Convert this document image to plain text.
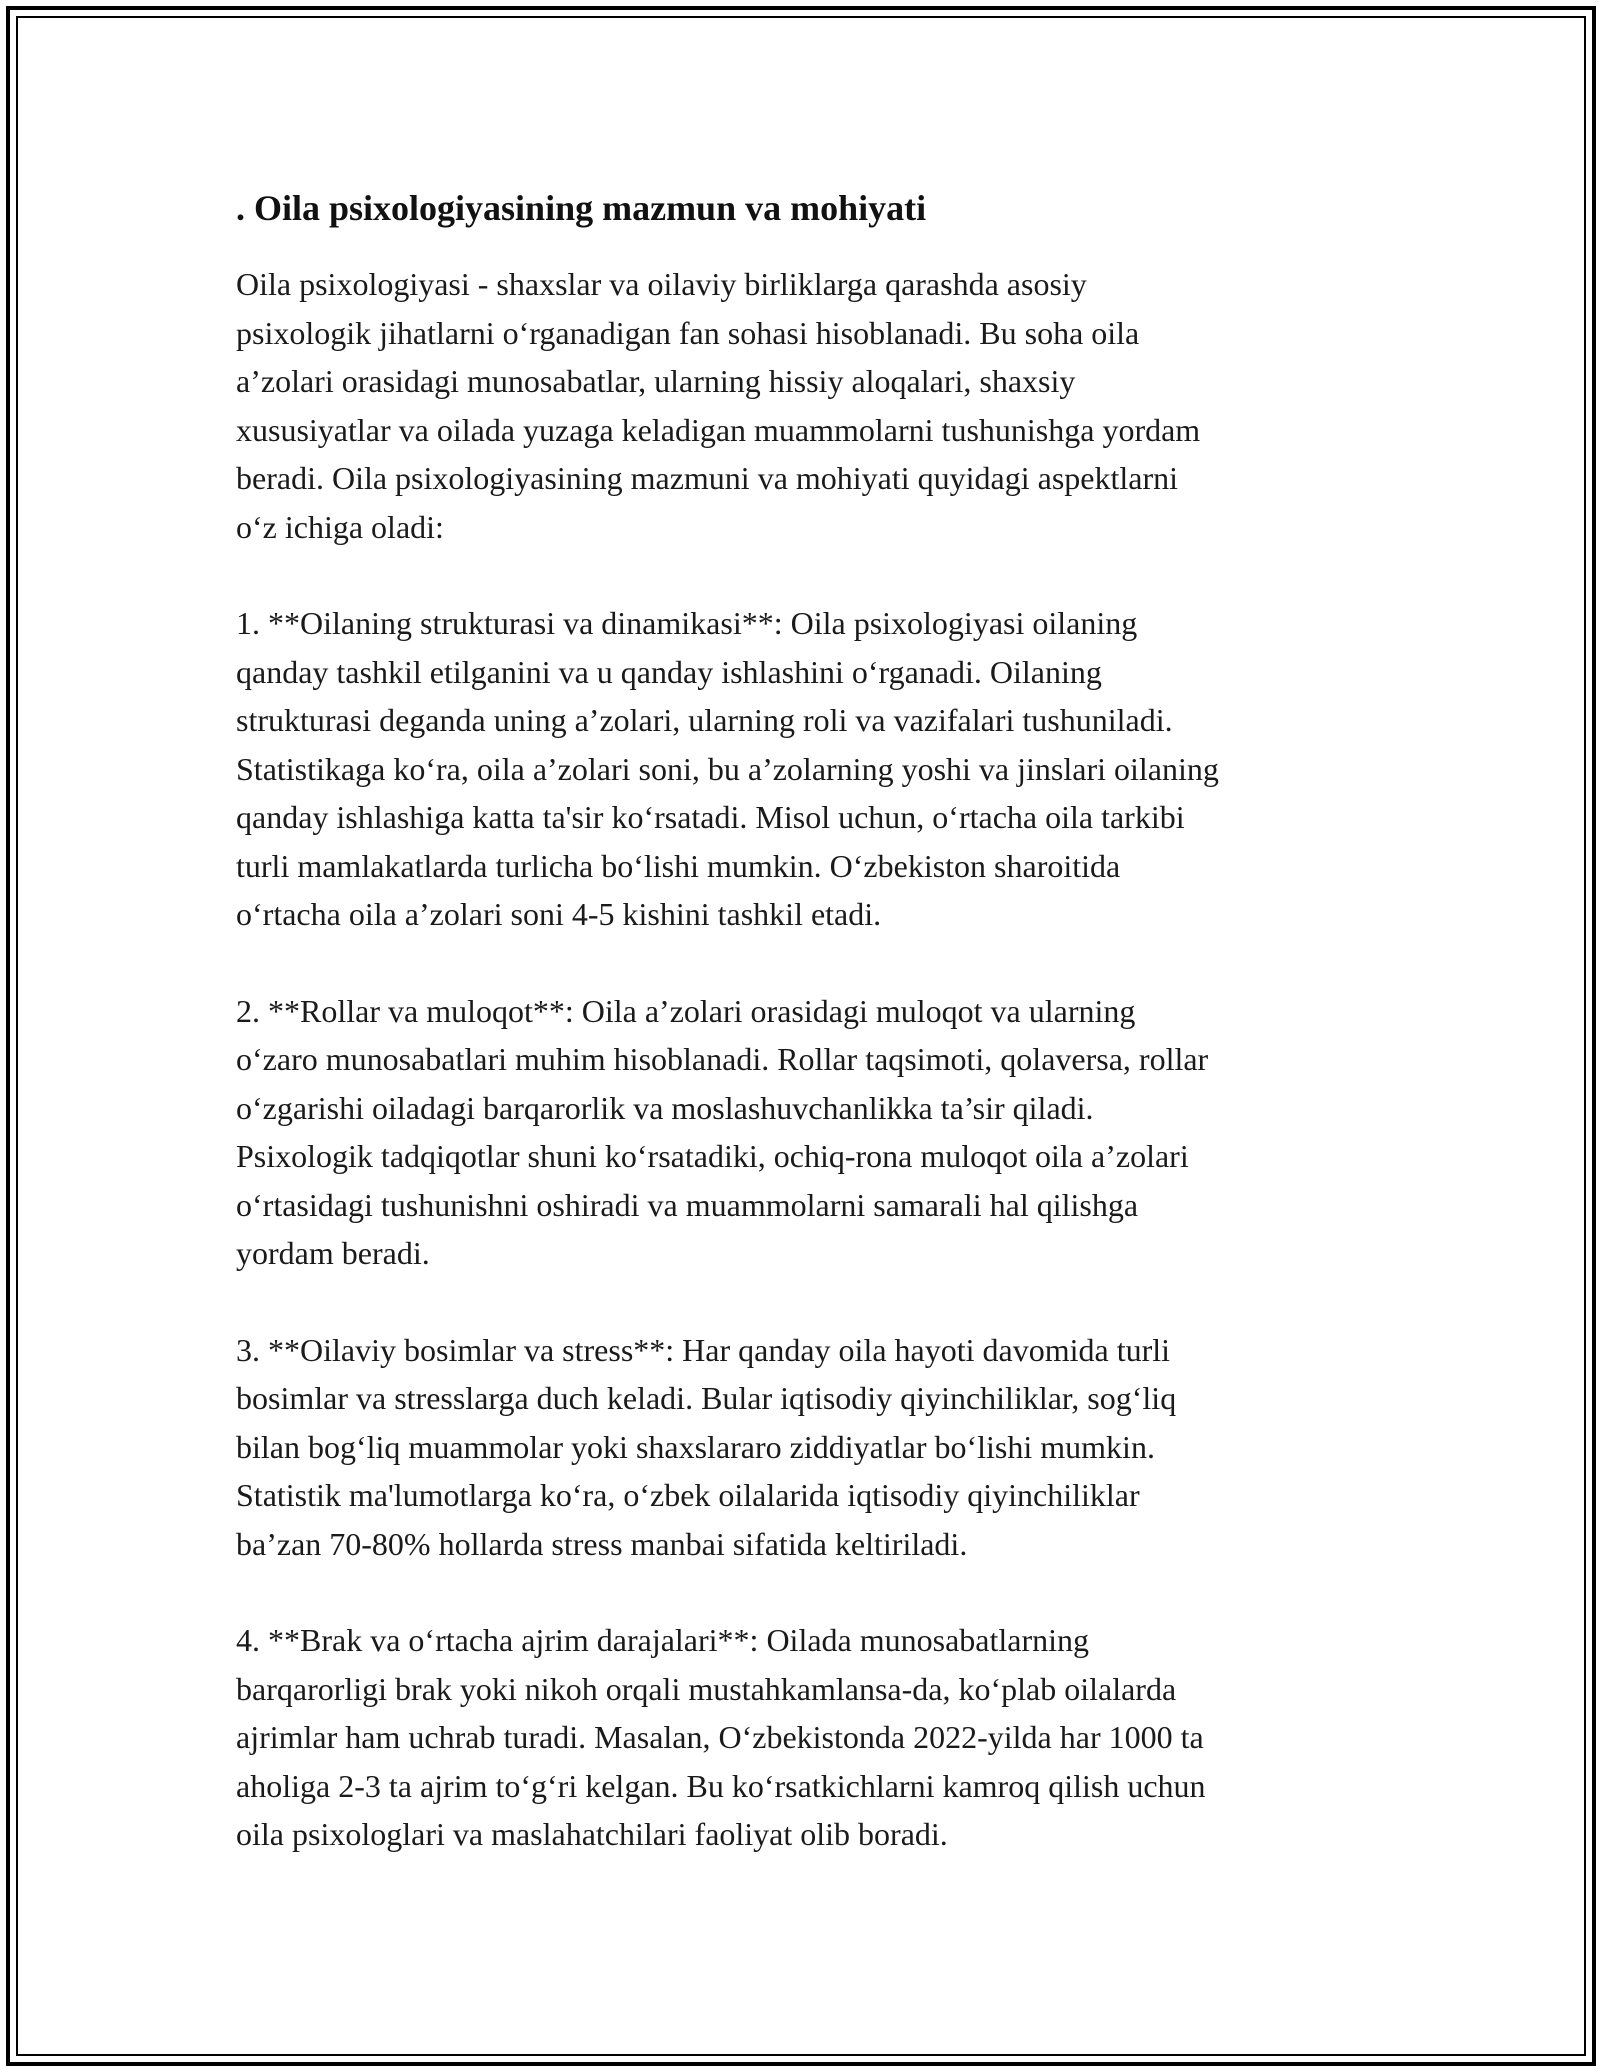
. Oila psixologiyasining mazmun va mohiyati

Oila psixologiyasi - shaxslar va oilaviy birliklarga qarashda asosiy
psixologik jihatlarni o‘rganadigan fan sohasi hisoblanadi. Bu soha oila
a’zolari orasidagi munosabatlar, ularning hissiy aloqalari, shaxsiy
xususiyatlar va oilada yuzaga keladigan muammolarni tushunishga yordam
beradi. Oila psixologiyasining mazmuni va mohiyati quyidagi aspektlarni
o‘z ichiga oladi:

1. **Oilaning strukturasi va dinamikasi**: Oila psixologiyasi oilaning
qanday tashkil etilganini va u qanday ishlashini o‘rganadi. Oilaning
strukturasi deganda uning a’zolari, ularning roli va vazifalari tushuniladi.
Statistikaga ko‘ra, oila a’zolari soni, bu a’zolarning yoshi va jinslari oilaning
qanday ishlashiga katta ta'sir ko‘rsatadi. Misol uchun, o‘rtacha oila tarkibi
turli mamlakatlarda turlicha bo‘lishi mumkin. O‘zbekiston sharoitida
o‘rtacha oila a’zolari soni 4-5 kishini tashkil etadi.

2. **Rollar va muloqot**: Oila a’zolari orasidagi muloqot va ularning
o‘zaro munosabatlari muhim hisoblanadi. Rollar taqsimoti, qolaversa, rollar
o‘zgarishi oiladagi barqarorlik va moslashuvchanlikka ta’sir qiladi.
Psixologik tadqiqotlar shuni ko‘rsatadiki, ochiq-rona muloqot oila a’zolari
o‘rtasidagi tushunishni oshiradi va muammolarni samarali hal qilishga
yordam beradi.

3. **Oilaviy bosimlar va stress**: Har qanday oila hayoti davomida turli
bosimlar va stresslarga duch keladi. Bular iqtisodiy qiyinchiliklar, sog‘liq
bilan bog‘liq muammolar yoki shaxslararo ziddiyatlar bo‘lishi mumkin.
Statistik ma'lumotlarga ko‘ra, o‘zbek oilalarida iqtisodiy qiyinchiliklar
ba’zan 70-80% hollarda stress manbai sifatida keltiriladi.

4. **Brak va o‘rtacha ajrim darajalari**: Oilada munosabatlarning
barqarorligi brak yoki nikoh orqali mustahkamlansa-da, ko‘plab oilalarda
ajrimlar ham uchrab turadi. Masalan, O‘zbekistonda 2022-yilda har 1000 ta
aholiga 2-3 ta ajrim to‘g‘ri kelgan. Bu ko‘rsatkichlarni kamroq qilish uchun
oila psixologlari va maslahatchilari faoliyat olib boradi.
